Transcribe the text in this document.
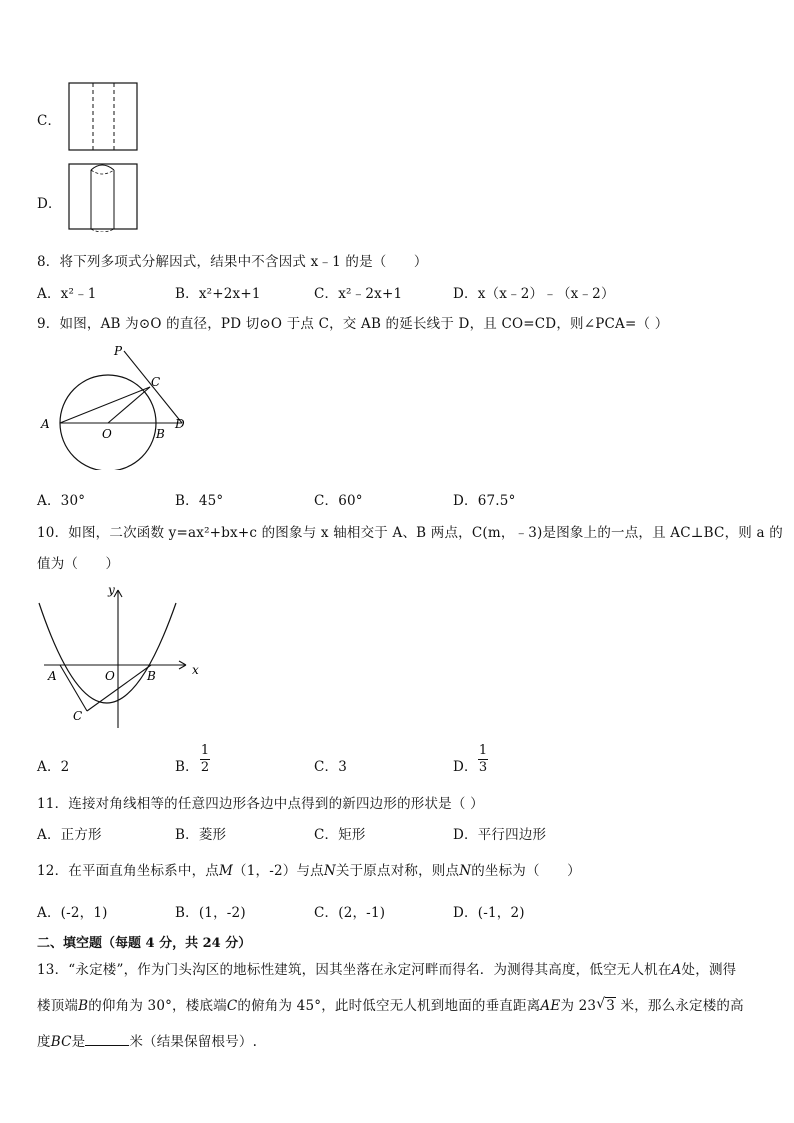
C．
D．
8．将下列多项式分解因式，结果中不含因式 x﹣1 的是（　　）
A．x²﹣1	B．x²+2x+1	C．x²﹣2x+1	D．x（x﹣2）﹣（x﹣2）
9．如图，AB 为⊙O 的直径，PD 切⊙O 于点 C，交 AB 的延长线于 D，且 CO=CD，则∠PCA=（ ）
P
C
A
O	B
D
A．30°	B．45°	C．60°	D．67.5°
10．如图，二次函数 y=ax²+bx+c 的图象与 x 轴相交于 A、B 两点，C(m，﹣3)是图象上的一点，且 AC⊥BC，则 a 的
值为（　　）
y
x
A	O	B
C
A．2	B．
1
2	C．3	D．
1
3
11．连接对角线相等的任意四边形各边中点得到的新四边形的形状是（ ）
A．正方形	B．菱形	C．矩形	D．平行四边形
12．在平面直角坐标系中，点M（1，-2）与点N关于原点对称，则点N的坐标为（　　）
A．(-2，1)	B．(1，-2)	C．(2，-1)	D．(-1，2)
二、填空题（每题 4 分，共 24 分）
13．“永定楼”，作为门头沟区的地标性建筑，因其坐落在永定河畔而得名．为测得其高度，低空无人机在A处，测得
楼顶端B的仰角为 30°，楼底端C的俯角为 45°，此时低空无人机到地面的垂直距离AE为 23 √ 3 米，那么永定楼的高
度BC是	米（结果保留根号）.
